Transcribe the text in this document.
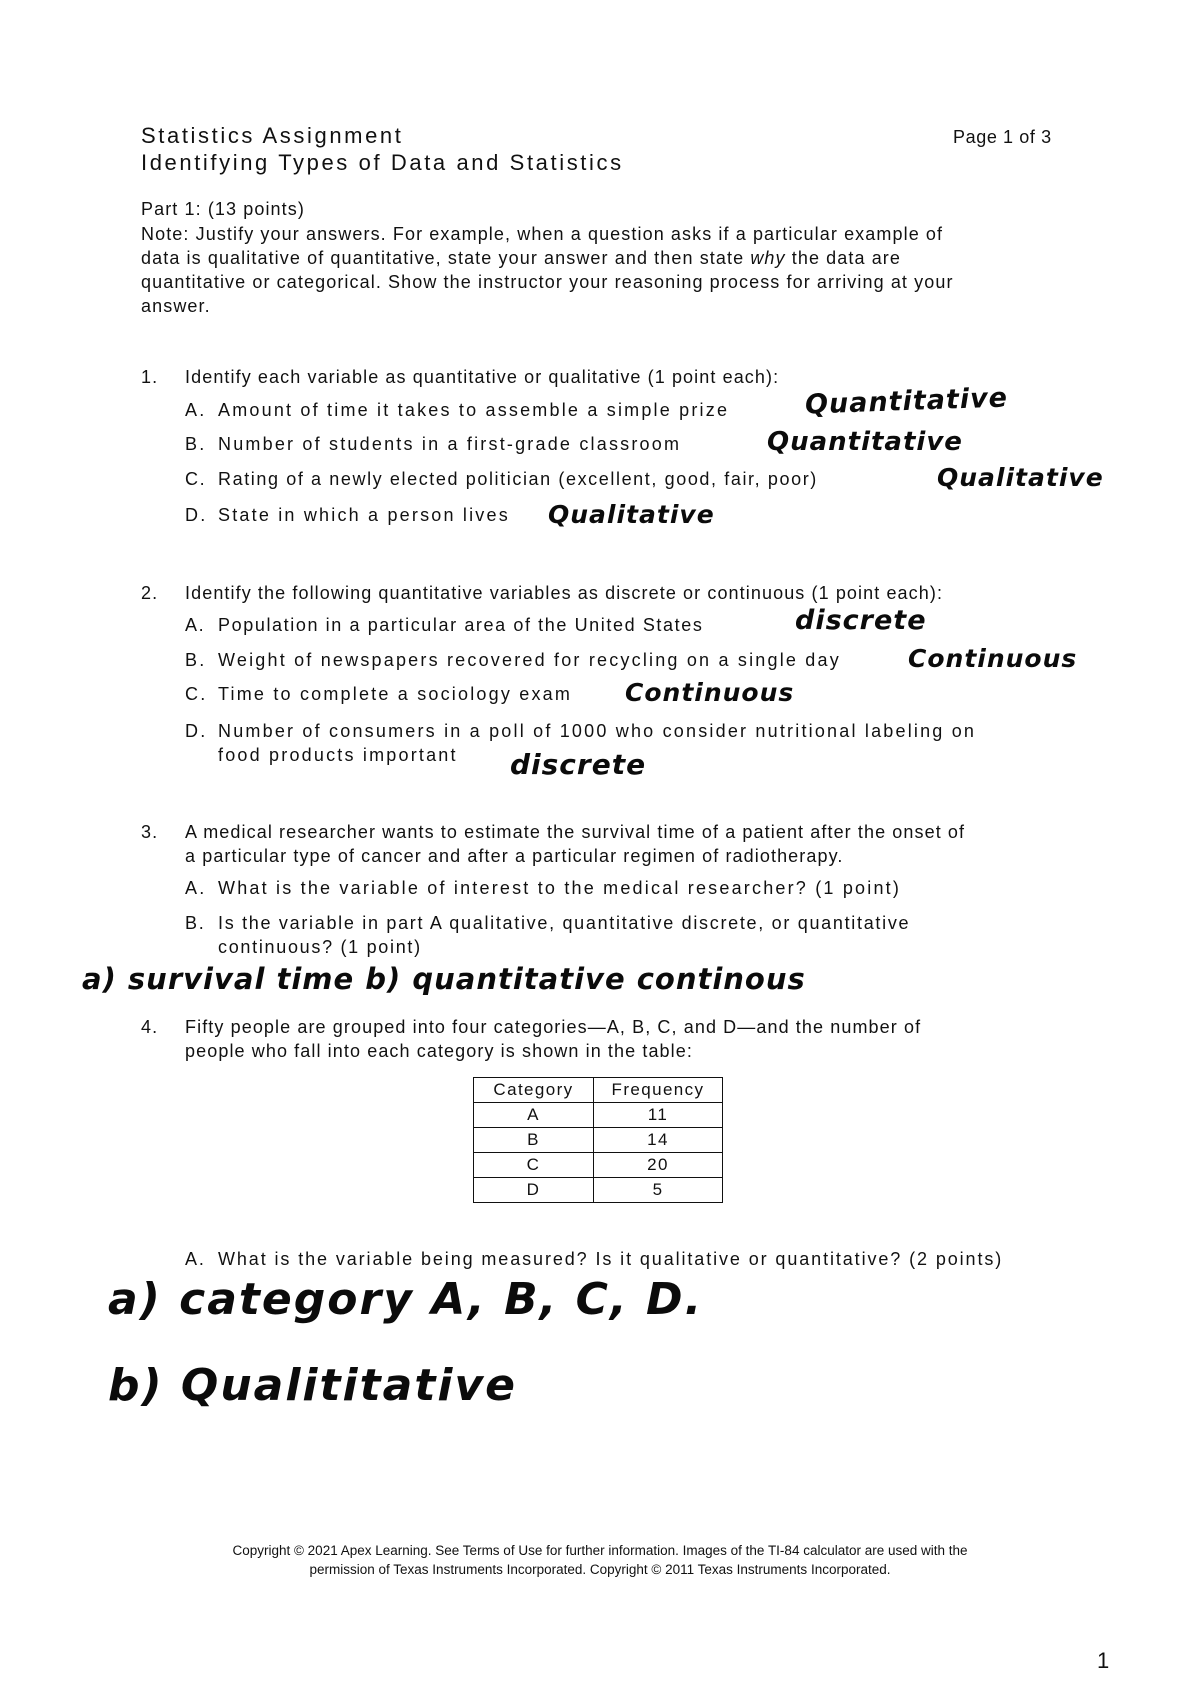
Statistics Assignment
Identifying Types of Data and Statistics
Page 1 of 3
Part 1: (13 points)
Note: Justify your answers. For example, when a question asks if a particular example of
data is qualitative of quantitative, state your answer and then state why the data are
quantitative or categorical. Show the instructor your reasoning process for arriving at your
answer.
1. Identify each variable as quantitative or qualitative (1 point each):
A. Amount of time it takes to assemble a simple prize	Quantitative
B. Number of students in a first-grade classroom	Quantitative
C. Rating of a newly elected politician (excellent, good, fair, poor)	Qualitative
D. State in which a person lives Qualitative
2. Identify the following quantitative variables as discrete or continuous (1 point each):
A. Population in a particular area of the United States	discrete
B. Weight of newspapers recovered for recycling on a single day	Continuous
C. Time to complete a sociology exam Continuous
D. Number of consumers in a poll of 1000 who consider nutritional labeling on
food products important discrete
3. A medical researcher wants to estimate the survival time of a patient after the onset of
a particular type of cancer and after a particular regimen of radiotherapy.
A. What is the variable of interest to the medical researcher? (1 point)
B. Is the variable in part A qualitative, quantitative discrete, or quantitative
continuous? (1 point)
a) survival time b) quantitative continous
4. Fifty people are grouped into four categories—A, B, C, and D—and the number of
people who fall into each category is shown in the table:
Category	Frequency
A	11
B	14
C	20
D	5
A. What is the variable being measured? Is it qualitative or quantitative? (2 points)
a) category A, B, C, D.
b) Qualititative
Copyright © 2021 Apex Learning. See Terms of Use for further information. Images of the TI-84 calculator are used with the
permission of Texas Instruments Incorporated. Copyright © 2011 Texas Instruments Incorporated.
1
